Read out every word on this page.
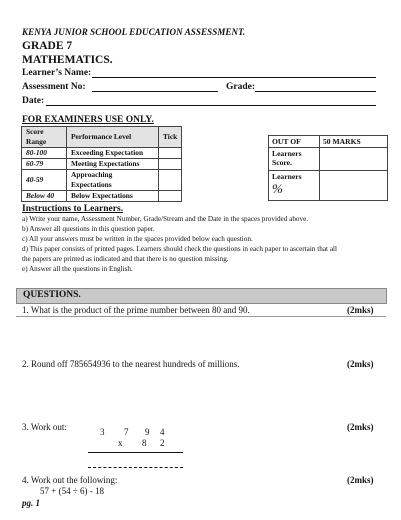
KENYA JUNIOR SCHOOL EDUCATION ASSESSMENT.
GRADE 7
MATHEMATICS.
Learner’s Name:
Assessment No:	Grade:
Date:
FOR EXAMINERS USE ONLY.
Score Range	Performance Level	Tick
80-100	Exceeding Expectation	
60-79	Meeting Expectations	
40-59	Approaching Expectations	
Below 40	Below Expectations	
OUT OF	50 MARKS
Learners Score.	

Learners
%	

Instructions to Learners.
a) Write your name, Assessment Number, Grade/Stream and the Date in the spaces provided above.
b) Answer all questions in this question paper.
c) All your answers must be written in the spaces provided below each question.
d) This paper consists of printed pages. Learners should check the questions in each paper to ascertain that all
the papers are printed as indicated and that there is no question missing.
e) Answer all the questions in English.
QUESTIONS.
1. What is the product of the prime number between 80 and 90.	(2mks)
2. Round off 785654936 to the nearest hundreds of millions.	(2mks)
3. Work out:	(2mks)
3 7 9 4
x 8 2
4. Work out the following:	(2mks)
57 + (54 ÷ 6) - 18
pg. 1
